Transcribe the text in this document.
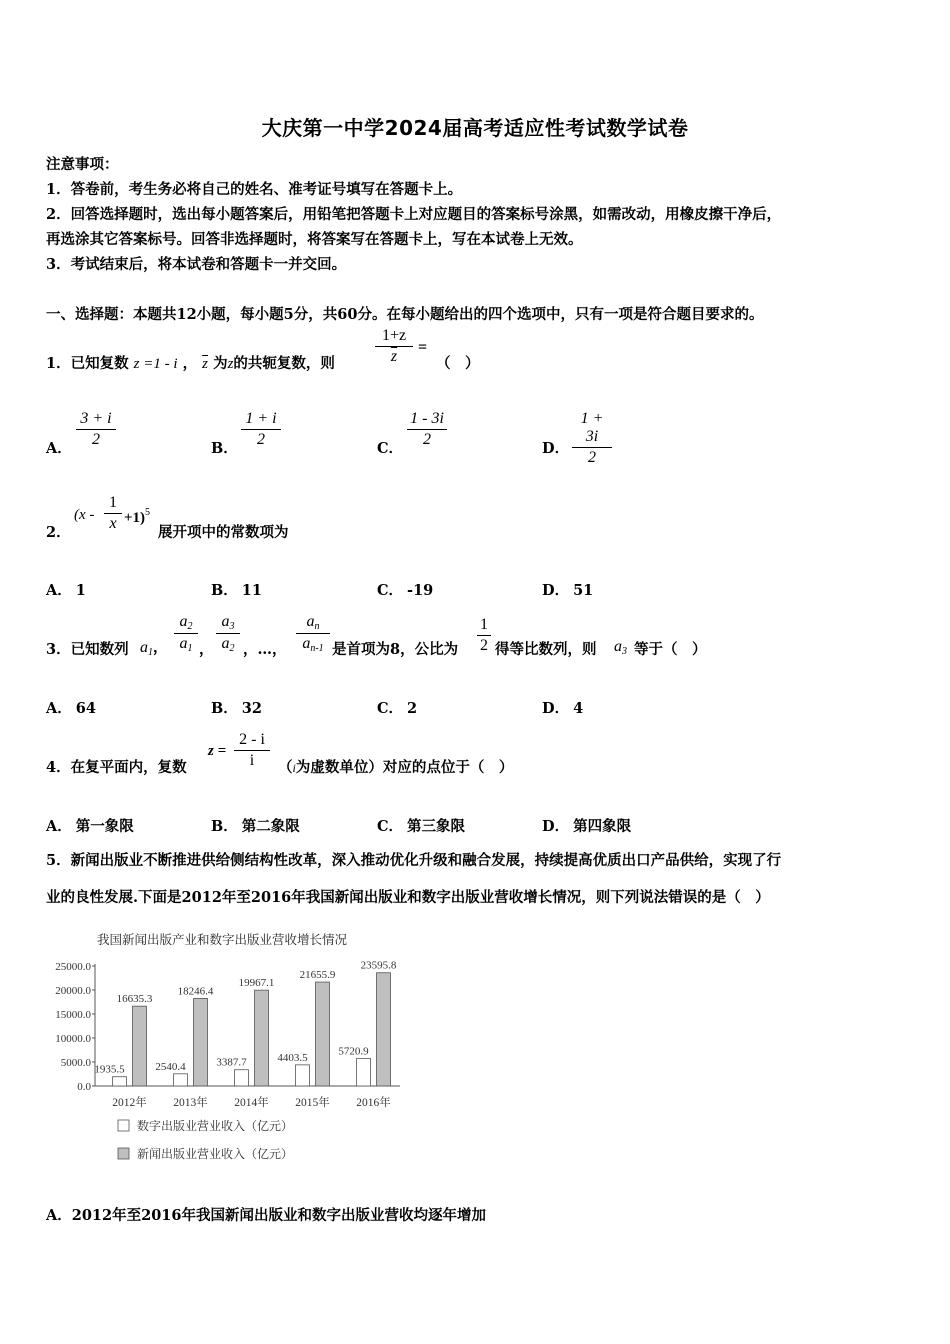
大庆第一中学2024届高考适应性考试数学试卷
注意事项：
1．答卷前，考生务必将自己的姓名、准考证号填写在答题卡上。
2．回答选择题时，选出每小题答案后，用铅笔把答题卡上对应题目的答案标号涂黑，如需改动，用橡皮擦干净后，
再选涂其它答案标号。回答非选择题时，将答案写在答题卡上，写在本试卷上无效。
3．考试结束后，将本试卷和答题卡一并交回。
一、选择题：本题共12小题，每小题5分，共60分。在每小题给出的四个选项中，只有一项是符合题目要求的。
1．已知复数 z =1 - i ， $\overline{z}$ 为z的共轭复数，则	$\frac{1+z}{z}$ =
（　）
A． $\frac{3 + i}{2}$	B． $\frac{1 + i}{2}$	C． $\frac{1 - 3i}{2}$	D． $\frac{1 + 3i}{2}$
2．
$(x - \frac{1}{x} +1)^5$
展开项中的常数项为
A． 1	B． 11	C． -19	D． 51
3．已知数列 $a_1$， $\frac{a_2}{a_1}$ ， $\frac{a_3}{a_2}$ ，…， $\frac{a_n}{a_{n-1}}$ 是首项为8，公比为 $\frac{1}{2}$ 得等比数列，则 $a_3$ 等于（　）
A． 64	B． 32	C． 2	D． 4
4．在复平面内，复数
$z = \frac{2 - i}{i} (i$为虚数单位）对应的点位于（　）
A． 第一象限	B． 第二象限	C． 第三象限	D． 第四象限
5．新闻出版业不断推进供给侧结构性改革，深入推动优化升级和融合发展，持续提高优质出口产品供给，实现了行
业的良性发展.下面是2012年至2016年我国新闻出版业和数字出版业营收增长情况，则下列说法错误的是（　）
我国新闻出版产业和数字出版业营收增长情况
25000.0
20000.0
15000.0
10000.0
5000.0
0.0
2012年 2013年 2014年 2015年 2016年
1935.5
16635.3
2540.4
18246.4
3387.7
19967.1
4403.5
21655.9
5720.9
23595.8
数字出版业营业收入（亿元）
新闻出版业营业收入（亿元）
A．2012年至2016年我国新闻出版业和数字出版业营收均逐年增加
